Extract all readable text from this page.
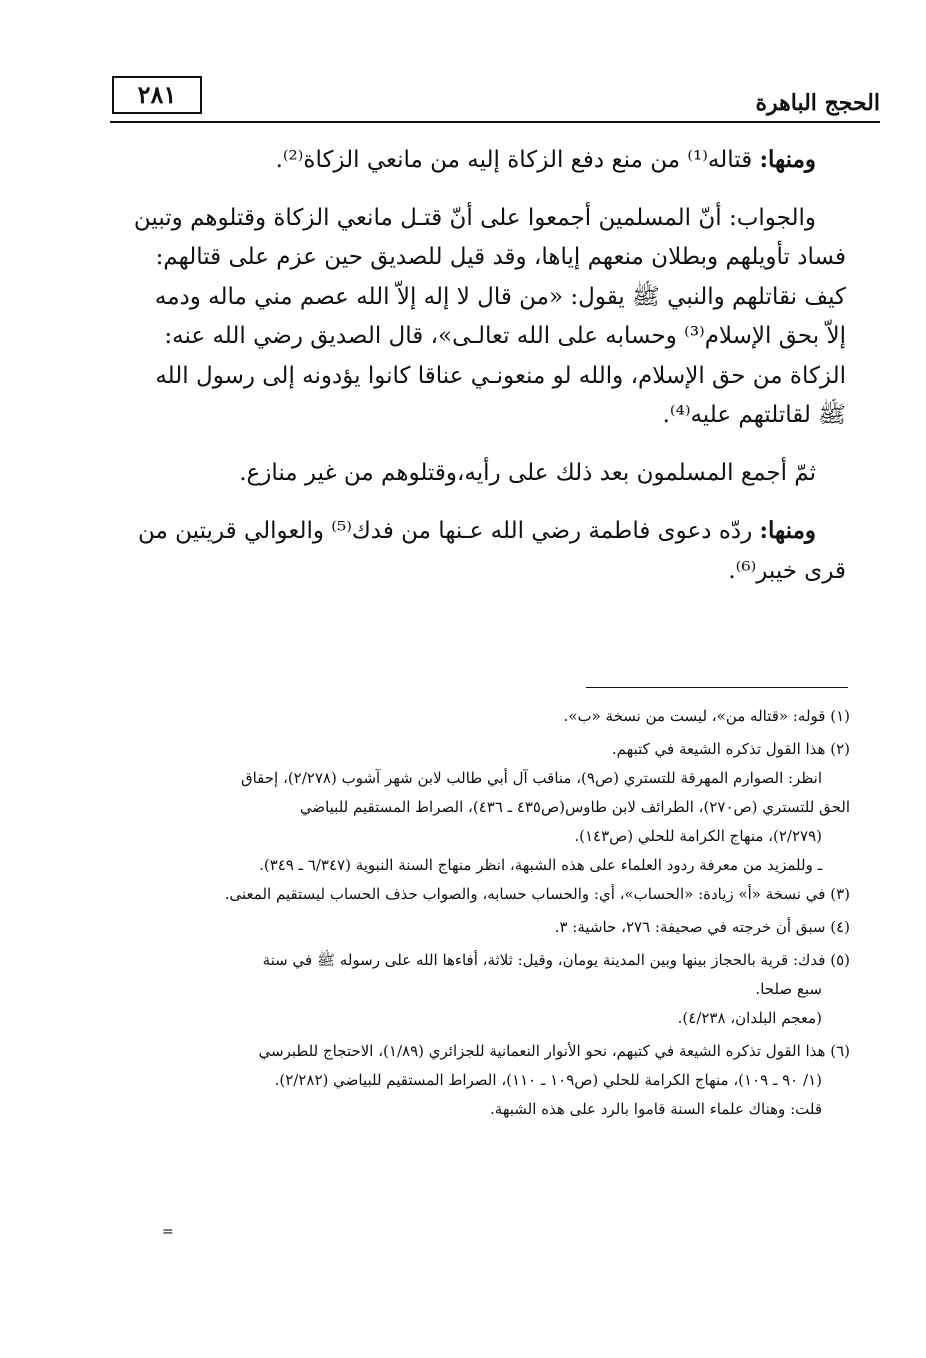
الحجج الباهرة
٢٨١

ومنها: قتاله⁽¹⁾ من منع دفع الزكاة إليه من مانعي الزكاة⁽²⁾.

والجواب: أنّ المسلمين أجمعوا على أنّ قتـل مانعي الزكاة وقتلوهم وتبين

فساد تأويلهم وبطلان منعهم إياها، وقد قيل للصديق حين عزم على قتالهم:

كيف نقاتلهم والنبي ﷺ يقول: «من قال لا إله إلاّ الله عصم مني ماله ودمه

إلاّ بحق الإسلام⁽³⁾ وحسابه على الله تعالـى»، قال الصديق رضي الله عنه:

الزكاة من حق الإسلام، والله لو منعونـي عناقا كانوا يؤدونه إلى رسول الله

ﷺ لقاتلتهم عليه⁽⁴⁾.

ثمّ أجمع المسلمون بعد ذلك على رأيه،وقتلوهم من غير منازع.

ومنها: ردّه دعوى فاطمة رضي الله عـنها من فدك⁽⁵⁾ والعوالي قريتين من

قرى خيبر⁽⁶⁾.

(١) قوله: «قتاله من»، ليست من نسخة «ب».
(٢) هذا القول تذكره الشيعة في كتبهم.
انظر: الصوارم المهرقة للتستري (ص٩)، مناقب آل أبي طالب لابن شهر آشوب (٢/٢٧٨)، إحقاق
الحق للتستري (ص٢٧٠)، الطرائف لابن طاوس(ص٤٣٥ ـ ٤٣٦)، الصراط المستقيم للبياضي
(٢/٢٧٩)، منهاج الكرامة للحلي (ص١٤٣).
ـ وللمزيد من معرفة ردود العلماء على هذه الشبهة، انظر منهاج السنة النبوية (٦/٣٤٧ ـ ٣٤٩).
(٣) في نسخة «أ» زيادة: «الحساب»، أي: والحساب حسابه، والصواب حذف الحساب ليستقيم المعنى.
(٤) سبق أن خرجته في صحيفة: ٢٧٦، حاشية: ٣.
(٥) فدك: قرية بالحجاز بينها وبين المدينة يومان، وقيل: ثلاثة، أفاءها الله على رسوله ﷺ في سنة
سبع صلحا.
(معجم البلدان، ٤/٢٣٨).
(٦) هذا القول تذكره الشيعة في كتبهم، نحو الأنوار النعمانية للجزائري (١/٨٩)، الاحتجاج للطبرسي
(١/ ٩٠ ـ ١٠٩)، منهاج الكرامة للحلي (ص١٠٩ ـ ١١٠)، الصراط المستقيم للبياضي (٢/٢٨٢).
قلت: وهناك علماء السنة قاموا بالرد على هذه الشبهة.
=
